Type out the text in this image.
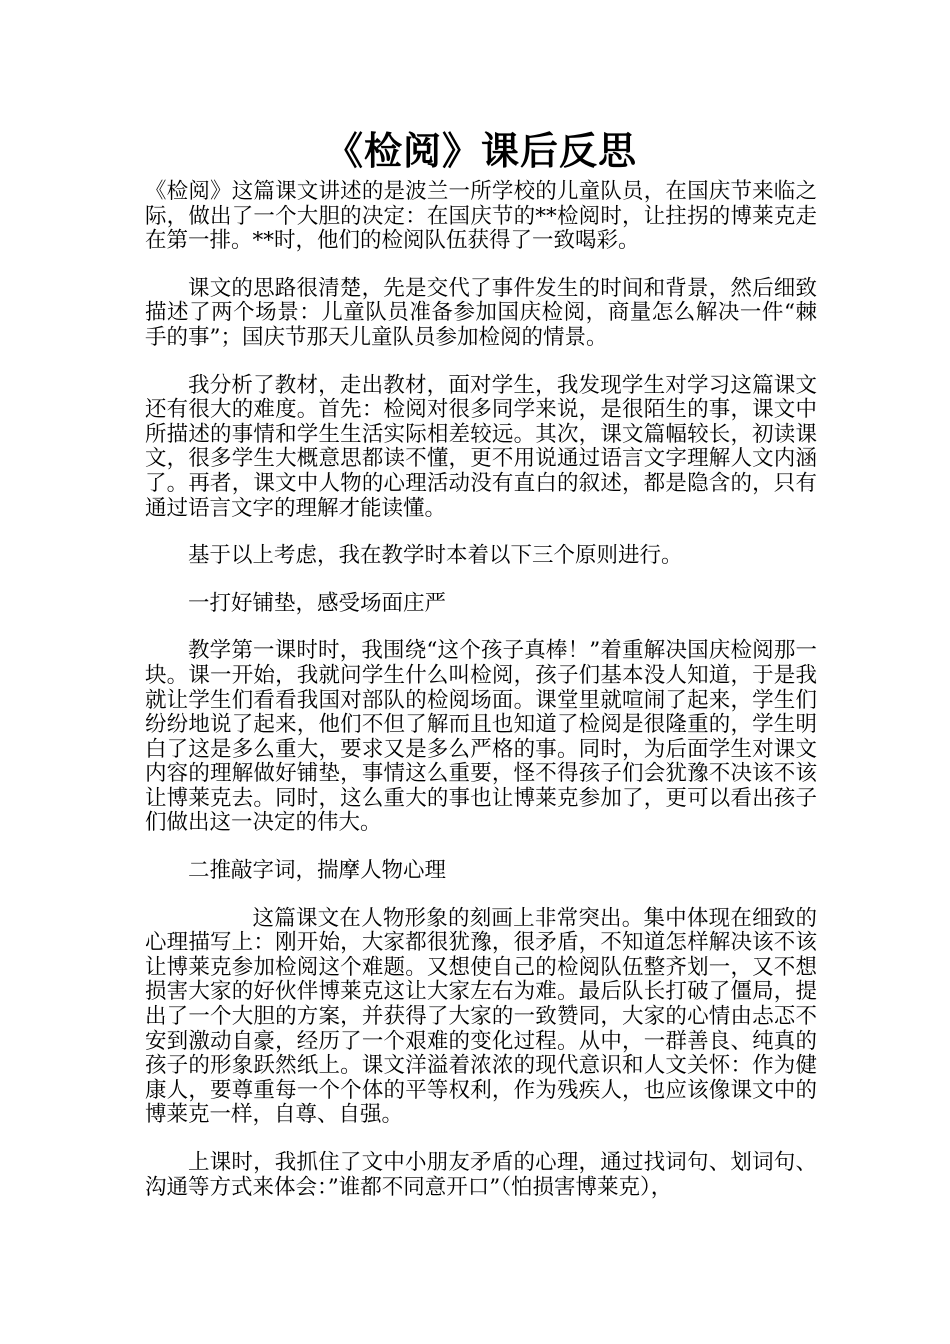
《检阅》课后反思

《检阅》这篇课文讲述的是波兰一所学校的儿童队员，在国庆节来临之际，做出了一个大胆的决定：在国庆节的**检阅时，让拄拐的博莱克走在第一排。**时，他们的检阅队伍获得了一致喝彩。

课文的思路很清楚，先是交代了事件发生的时间和背景，然后细致描述了两个场景：儿童队员准备参加国庆检阅，商量怎么解决一件“棘手的事”；国庆节那天儿童队员参加检阅的情景。

我分析了教材，走出教材，面对学生，我发现学生对学习这篇课文还有很大的难度。首先：检阅对很多同学来说，是很陌生的事，课文中所描述的事情和学生生活实际相差较远。其次，课文篇幅较长，初读课文，很多学生大概意思都读不懂，更不用说通过语言文字理解人文内涵了。再者，课文中人物的心理活动没有直白的叙述，都是隐含的，只有通过语言文字的理解才能读懂。

基于以上考虑，我在教学时本着以下三个原则进行。

一打好铺垫，感受场面庄严

教学第一课时时，我围绕“这个孩子真棒！”着重解决国庆检阅那一块。课一开始，我就问学生什么叫检阅，孩子们基本没人知道，于是我就让学生们看看我国对部队的检阅场面。课堂里就喧闹了起来，学生们纷纷地说了起来，他们不但了解而且也知道了检阅是很隆重的，学生明白了这是多么重大，要求又是多么严格的事。同时，为后面学生对课文内容的理解做好铺垫，事情这么重要，怪不得孩子们会犹豫不决该不该让博莱克去。同时，这么重大的事也让博莱克参加了，更可以看出孩子们做出这一决定的伟大。

二推敲字词，揣摩人物心理

这篇课文在人物形象的刻画上非常突出。集中体现在细致的心理描写上：刚开始，大家都很犹豫，很矛盾，不知道怎样解决该不该让博莱克参加检阅这个难题。又想使自己的检阅队伍整齐划一，又不想损害大家的好伙伴博莱克这让大家左右为难。最后队长打破了僵局，提出了一个大胆的方案，并获得了大家的一致赞同，大家的心情由忐忑不安到激动自豪，经历了一个艰难的变化过程。从中，一群善良、纯真的孩子的形象跃然纸上。课文洋溢着浓浓的现代意识和人文关怀：作为健康人，要尊重每一个个体的平等权利，作为残疾人，也应该像课文中的博莱克一样，自尊、自强。

上课时，我抓住了文中小朋友矛盾的心理，通过找词句、划词句、沟通等方式来体会：”谁都不同意开口”（怕损害博莱克），
